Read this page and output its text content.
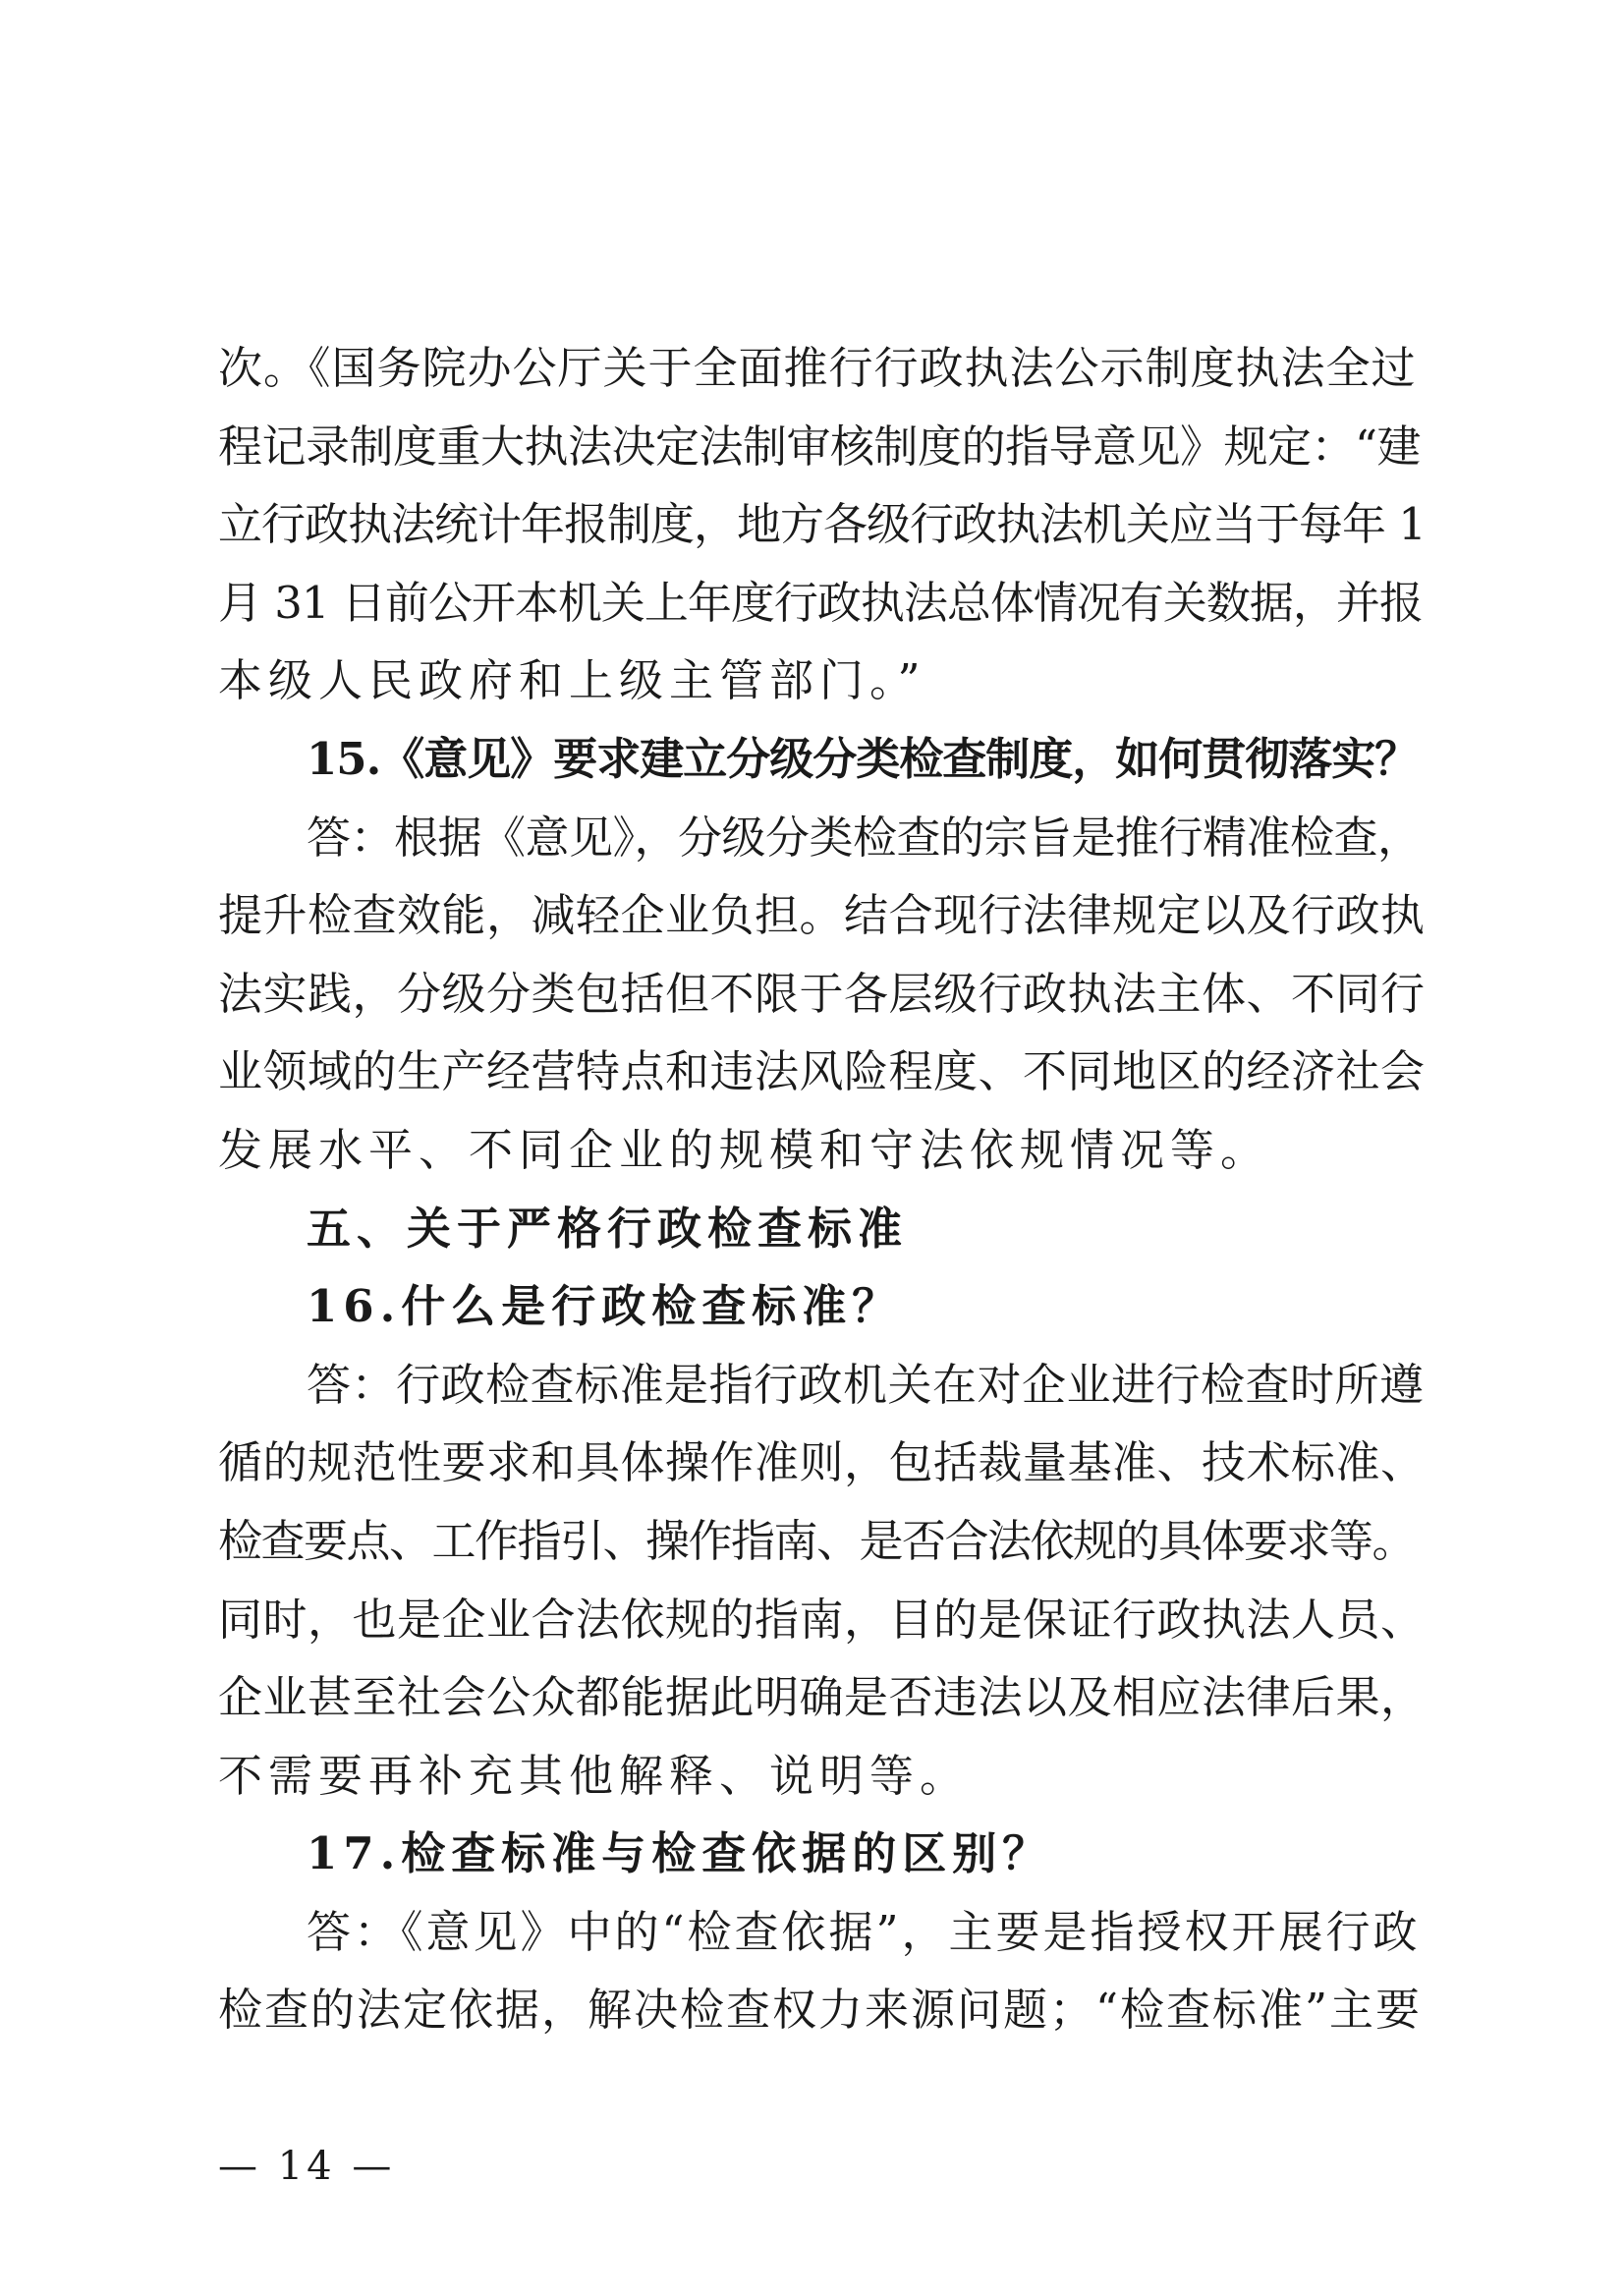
次。《国务院办公厅关于全面推行行政执法公示制度执法全过
程记录制度重大执法决定法制审核制度的指导意见》规定：“建
立行政执法统计年报制度，地方各级行政执法机关应当于每年 1
月 31 日前公开本机关上年度行政执法总体情况有关数据，并报
本级人民政府和上级主管部门。”
15.《意见》要求建立分级分类检查制度，如何贯彻落实？
答：根据《意见》，分级分类检查的宗旨是推行精准检查，
提升检查效能，减轻企业负担。结合现行法律规定以及行政执
法实践，分级分类包括但不限于各层级行政执法主体、不同行
业领域的生产经营特点和违法风险程度、不同地区的经济社会
发展水平、不同企业的规模和守法依规情况等。
五、关于严格行政检查标准
16.什么是行政检查标准？
答：行政检查标准是指行政机关在对企业进行检查时所遵
循的规范性要求和具体操作准则，包括裁量基准、技术标准、
检查要点、工作指引、操作指南、是否合法依规的具体要求等。
同时，也是企业合法依规的指南，目的是保证行政执法人员、
企业甚至社会公众都能据此明确是否违法以及相应法律后果，
不需要再补充其他解释、说明等。
17.检查标准与检查依据的区别？
答：《意见》中的“检查依据”，主要是指授权开展行政
检查的法定依据，解决检查权力来源问题；“检查标准”主要
— 14 —
